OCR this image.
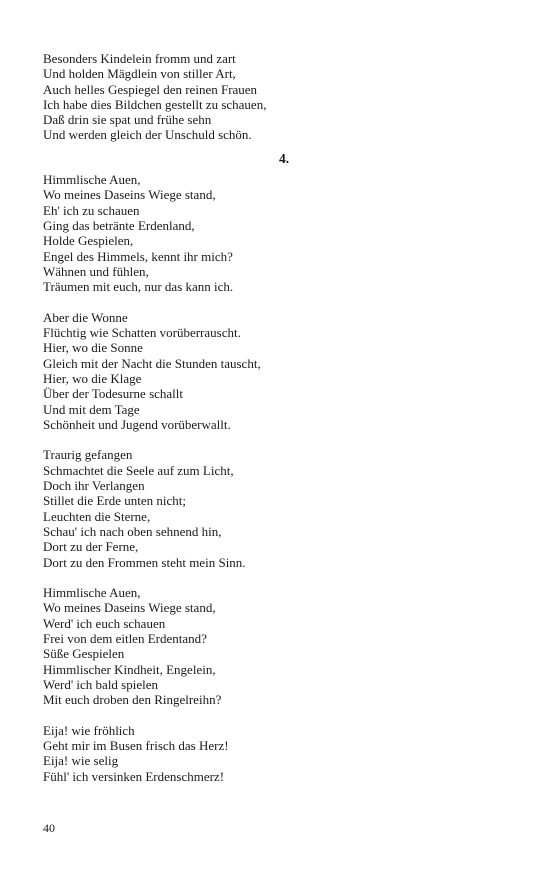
Besonders Kindelein fromm und zart
Und holden Mägdlein von stiller Art,
Auch helles Gespiegel den reinen Frauen
Ich habe dies Bildchen gestellt zu schauen,
Daß drin sie spat und frühe sehn
Und werden gleich der Unschuld schön.
4.
Himmlische Auen,
Wo meines Daseins Wiege stand,
Eh' ich zu schauen
Ging das betränte Erdenland,
Holde Gespielen,
Engel des Himmels, kennt ihr mich?
Wähnen und fühlen,
Träumen mit euch, nur das kann ich.
Aber die Wonne
Flüchtig wie Schatten vorüberrauscht.
Hier, wo die Sonne
Gleich mit der Nacht die Stunden tauscht,
Hier, wo die Klage
Über der Todesurne schallt
Und mit dem Tage
Schönheit und Jugend vorüberwallt.
Traurig gefangen
Schmachtet die Seele auf zum Licht,
Doch ihr Verlangen
Stillet die Erde unten nicht;
Leuchten die Sterne,
Schau' ich nach oben sehnend hin,
Dort zu der Ferne,
Dort zu den Frommen steht mein Sinn.
Himmlische Auen,
Wo meines Daseins Wiege stand,
Werd' ich euch schauen
Frei von dem eitlen Erdentand?
Süße Gespielen
Himmlischer Kindheit, Engelein,
Werd' ich bald spielen
Mit euch droben den Ringelreihn?
Eija! wie fröhlich
Geht mir im Busen frisch das Herz!
Eija! wie selig
Fühl' ich versinken Erdenschmerz!
40
